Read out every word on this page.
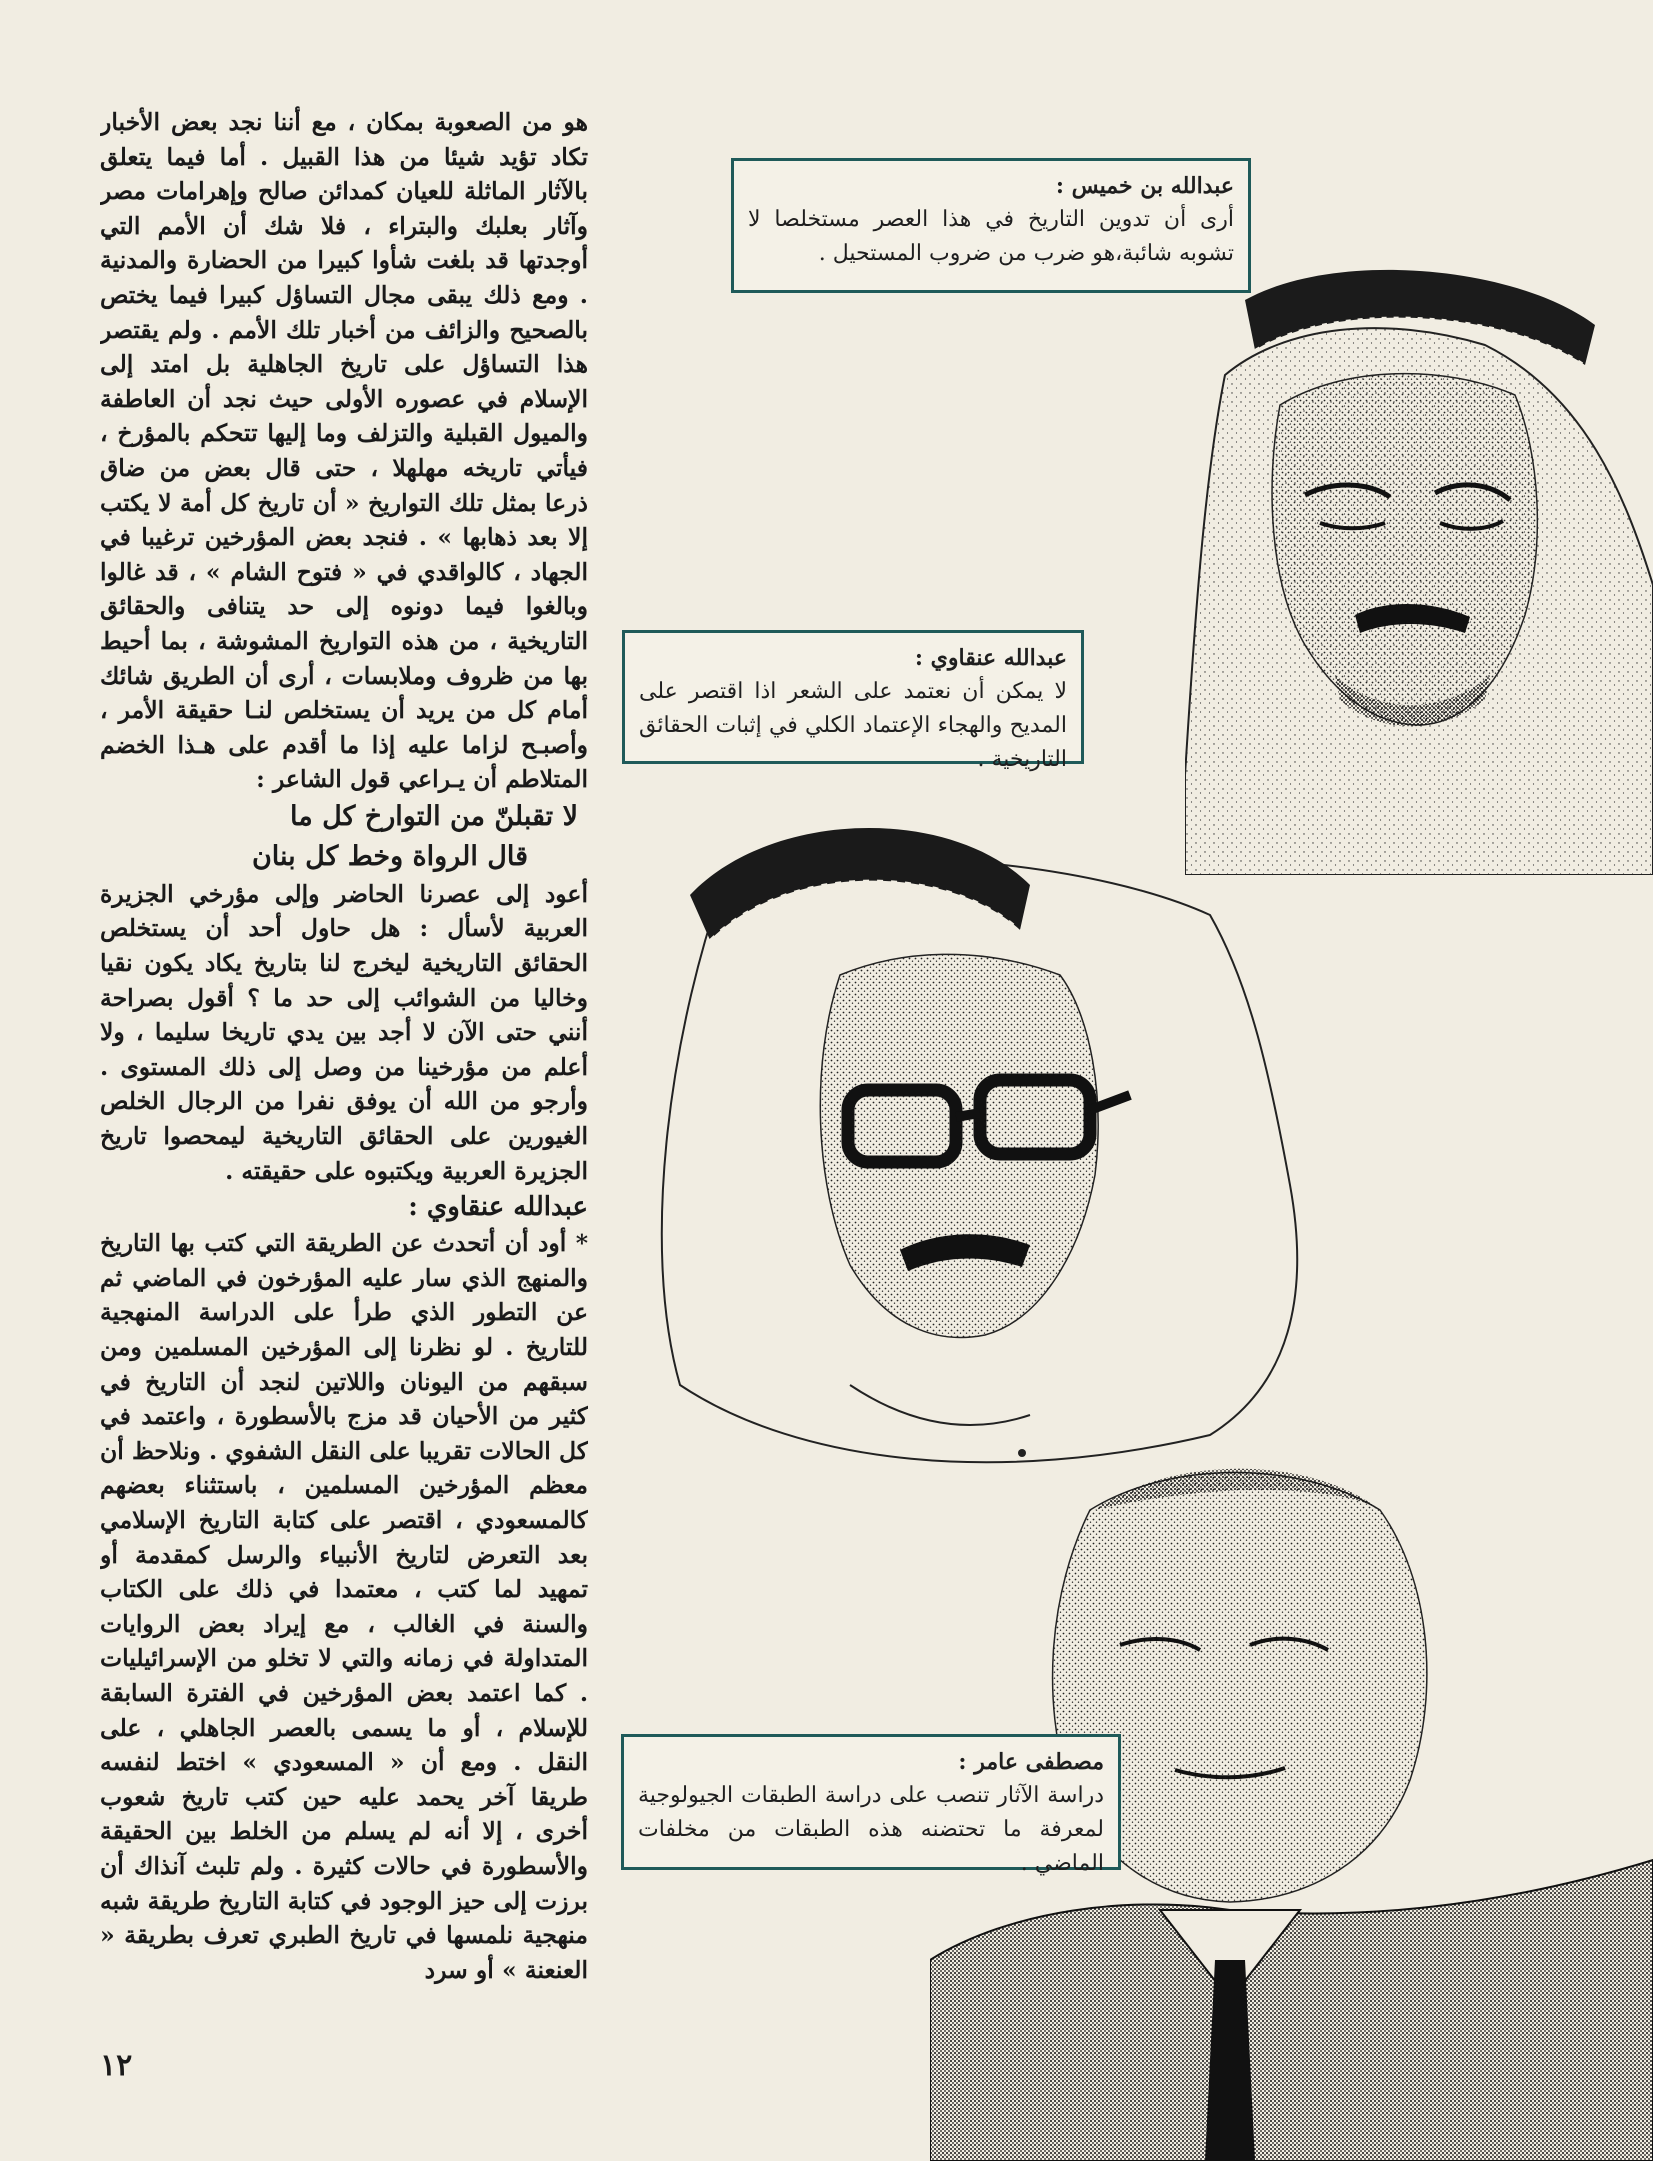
هو من الصعوبة بمكان ، مع أننا نجد بعض الأخبار تكاد تؤيد شيئا من هذا القبيل . أما فيما يتعلق بالآثار الماثلة للعيان كمدائن صالح وإهرامات مصر وآثار بعلبك والبتراء ، فلا شك أن الأمم التي أوجدتها قد بلغت شأوا كبيرا من الحضارة والمدنية . ومع ذلك يبقى مجال التساؤل كبيرا فيما يختص بالصحيح والزائف من أخبار تلك الأمم . ولم يقتصر هذا التساؤل على تاريخ الجاهلية بل امتد إلى الإسلام في عصوره الأولى حيث نجد أن العاطفة والميول القبلية والتزلف وما إليها تتحكم بالمؤرخ ، فيأتي تاريخه مهلهلا ، حتى قال بعض من ضاق ذرعا بمثل تلك التواريخ « أن تاريخ كل أمة لا يكتب إلا بعد ذهابها » . فنجد بعض المؤرخين ترغيبا في الجهاد ، كالواقدي في « فتوح الشام » ، قد غالوا وبالغوا فيما دونوه إلى حد يتنافى والحقائق التاريخية ، من هذه التواريخ المشوشة ، بما أحيط بها من ظروف وملابسات ، أرى أن الطريق شائك أمام كل من يريد أن يستخلص لنـا حقيقة الأمر ، وأصبـح لزاما عليه إذا ما أقدم على هـذا الخضم المتلاطم أن يـراعي قول الشاعر :

لا تقبلنّ من التوارخ كل ما

قال الرواة وخط كل بنان

أعود إلى عصرنا الحاضر وإلى مؤرخي الجزيرة العربية لأسأل : هل حاول أحد أن يستخلص الحقائق التاريخية ليخرج لنا بتاريخ يكاد يكون نقيا وخاليا من الشوائب إلى حد ما ؟ أقول بصراحة أنني حتى الآن لا أجد بين يدي تاريخا سليما ، ولا أعلم من مؤرخينا من وصل إلى ذلك المستوى . وأرجو من الله أن يوفق نفرا من الرجال الخلص الغيورين على الحقائق التاريخية ليمحصوا تاريخ الجزيرة العربية ويكتبوه على حقيقته .

عبدالله عنقاوي :

* أود أن أتحدث عن الطريقة التي كتب بها التاريخ والمنهج الذي سار عليه المؤرخون في الماضي ثم عن التطور الذي طرأ على الدراسة المنهجية للتاريخ . لو نظرنا إلى المؤرخين المسلمين ومن سبقهم من اليونان واللاتين لنجد أن التاريخ في كثير من الأحيان قد مزج بالأسطورة ، واعتمد في كل الحالات تقريبا على النقل الشفوي . ونلاحظ أن معظم المؤرخين المسلمين ، باستثناء بعضهم كالمسعودي ، اقتصر على كتابة التاريخ الإسلامي بعد التعرض لتاريخ الأنبياء والرسل كمقدمة أو تمهيد لما كتب ، معتمدا في ذلك على الكتاب والسنة في الغالب ، مع إيراد بعض الروايات المتداولة في زمانه والتي لا تخلو من الإسرائيليات . كما اعتمد بعض المؤرخين في الفترة السابقة للإسلام ، أو ما يسمى بالعصر الجاهلي ، على النقل . ومع أن « المسعودي » اختط لنفسه طريقا آخر يحمد عليه حين كتب تاريخ شعوب أخرى ، إلا أنه لم يسلم من الخلط بين الحقيقة والأسطورة في حالات كثيرة . ولم تلبث آنذاك أن برزت إلى حيز الوجود في كتابة التاريخ طريقة شبه منهجية نلمسها في تاريخ الطبري تعرف بطريقة « العنعنة » أو سرد

عبدالله بن خميس :
أرى أن تدوين التاريخ في هذا العصر مستخلصا لا تشوبه شائبة،هو ضرب من ضروب المستحيل .
عبدالله عنقاوي :
لا يمكن أن نعتمد على الشعر اذا اقتصر على المديح والهجاء الإعتماد الكلي في إثبات الحقائق التاريخية .
مصطفى عامر :
دراسة الآثار تنصب على دراسة الطبقات الجيولوجية لمعرفة ما تحتضنه هذه الطبقات من مخلفات الماضي .
١٢
